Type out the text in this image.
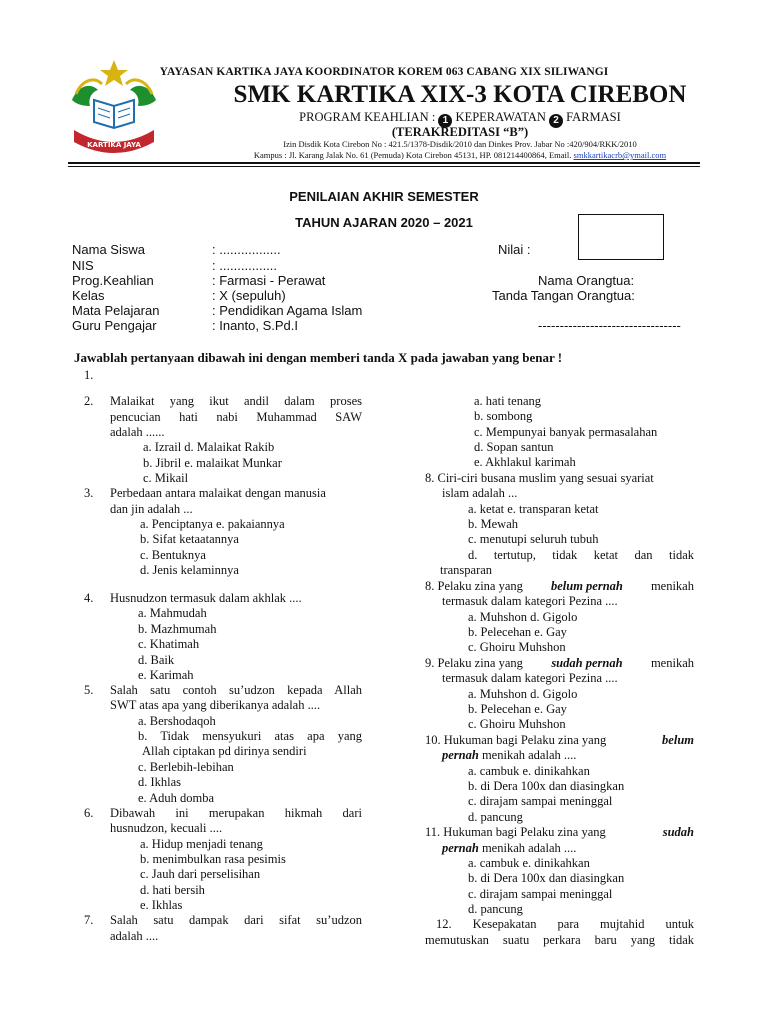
KARTIKA JAYA
YAYASAN KARTIKA JAYA KOORDINATOR KOREM 063 CABANG XIX SILIWANGI
SMK KARTIKA XIX-3 KOTA CIREBON
PROGRAM KEAHLIAN : 1 KEPERAWATAN 2 FARMASI
(TERAKREDITASI “B”)
Izin Disdik Kota Cirebon No : 421.5/1378-Disdik/2010 dan Dinkes Prov. Jabar No :420/904/RKK/2010
Kampus : Jl. Karang Jalak No. 61 (Pemuda) Kota Cirebon 45131, HP. 081214400864, Email. smkkartikacrb@ymail.com
PENILAIAN AKHIR SEMESTER
TAHUN AJARAN 2020 – 2021
Nama Siswa	: .................
NIS	: ................
Prog.Keahlian	: Farmasi - Perawat
Kelas	: X (sepuluh)
Mata Pelajaran	: Pendidikan Agama Islam
Guru Pengajar	: Inanto, S.Pd.I
Nilai :
Nama Orangtua:
Tanda Tangan Orangtua:
---------------------------------
Jawablah pertanyaan dibawah ini dengan memberi tanda X pada jawaban yang benar !
1.
2. Malaikat yang ikut andil dalam proses
pencucian hati nabi Muhammad SAW
adalah ......
a. Izrail d. Malaikat Rakib
b. Jibril e. malaikat Munkar
c. Mikail
3. Perbedaan antara malaikat dengan manusia
dan jin adalah ...
a. Penciptanya e. pakaiannya
b. Sifat ketaatannya
c. Bentuknya
d. Jenis kelaminnya
4. Husnudzon termasuk dalam akhlak ....
a. Mahmudah
b. Mazhmumah
c. Khatimah
d. Baik
e. Karimah
5. Salah satu contoh su’udzon kepada Allah
SWT atas apa yang diberikanya adalah ....
a. Bershodaqoh
b. Tidak mensyukuri atas apa yang
Allah ciptakan pd dirinya sendiri
c. Berlebih-lebihan
d. Ikhlas
e. Aduh domba
6. Dibawah ini merupakan hikmah dari
husnudzon, kecuali ....
a. Hidup menjadi tenang
b. menimbulkan rasa pesimis
c. Jauh dari perselisihan
d. hati bersih
e. Ikhlas
7. Salah satu dampak dari sifat su’udzon
adalah ....
a. hati tenang
b. sombong
c. Mempunyai banyak permasalahan
d. Sopan santun
e. Akhlakul karimah
8. Ciri-ciri busana muslim yang sesuai syariat
islam adalah ...
a. ketat e. transparan ketat
b. Mewah
c. menutupi seluruh tubuh
d. tertutup, tidak ketat dan tidak
transparan
8. Pelaku zina yang belum pernah menikah
termasuk dalam kategori Pezina ....
a. Muhshon d. Gigolo
b. Pelecehan e. Gay
c. Ghoiru Muhshon
9. Pelaku zina yang sudah pernah menikah
termasuk dalam kategori Pezina ....
a. Muhshon d. Gigolo
b. Pelecehan e. Gay
c. Ghoiru Muhshon
10. Hukuman bagi Pelaku zina yang	belum
pernah menikah adalah ....
a. cambuk e. dinikahkan
b. di Dera 100x dan diasingkan
c. dirajam sampai meninggal
d. pancung
11. Hukuman bagi Pelaku zina yang	sudah
pernah menikah adalah ....
a. cambuk e. dinikahkan
b. di Dera 100x dan diasingkan
c. dirajam sampai meninggal
d. pancung
12. Kesepakatan para mujtahid untuk
memutuskan suatu perkara baru yang tidak
